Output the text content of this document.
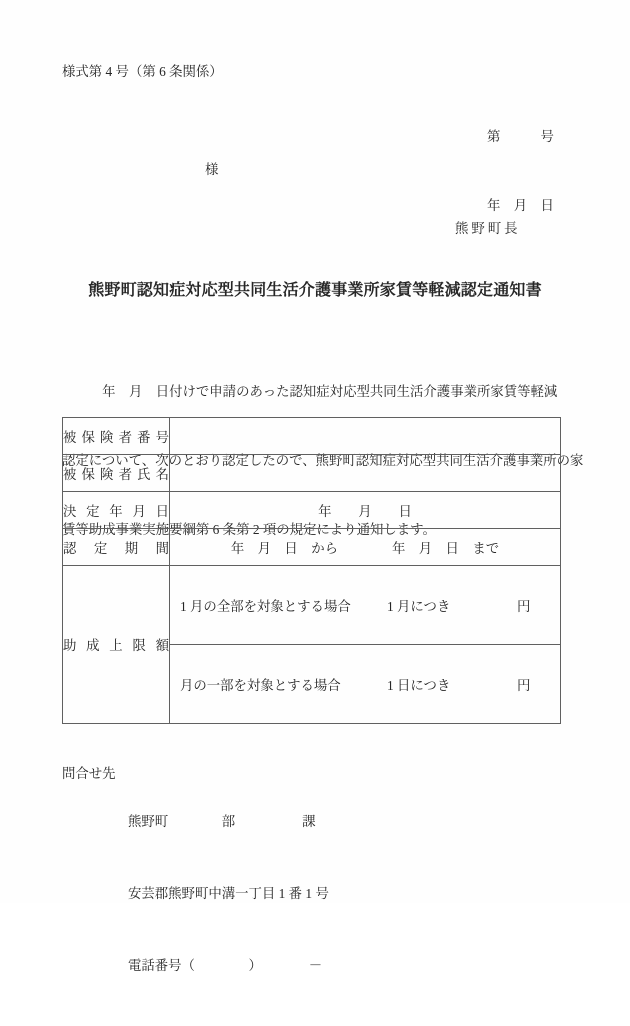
様式第 4 号（第 6 条関係）

第　　　号

年　月　日

様
熊野町長
熊野町認知症対応型共同生活介護事業所家賃等軽減認定通知書

　　　年　月　日付けで申請のあった認知症対応型共同生活介護事業所家賃等軽減

認定について、次のとおり認定したので、熊野町認知症対応型共同生活介護事業所の家

賃等助成事業実施要綱第 6 条第 2 項の規定により通知します。

被保険者番号	
被保険者氏名	
決定年月日	年　　月　　日
認定期間	年　月　日　から 年　月　日　まで

助成上限額	1 月の全部を対象とする場合 1 月につき 円

	月の一部を対象とする場合 1 日につき 円
問合せ先

熊野町　　　　部　　　　　課

安芸郡熊野町中溝一丁目 1 番 1 号

電話番号（　　　　）　　　　－
